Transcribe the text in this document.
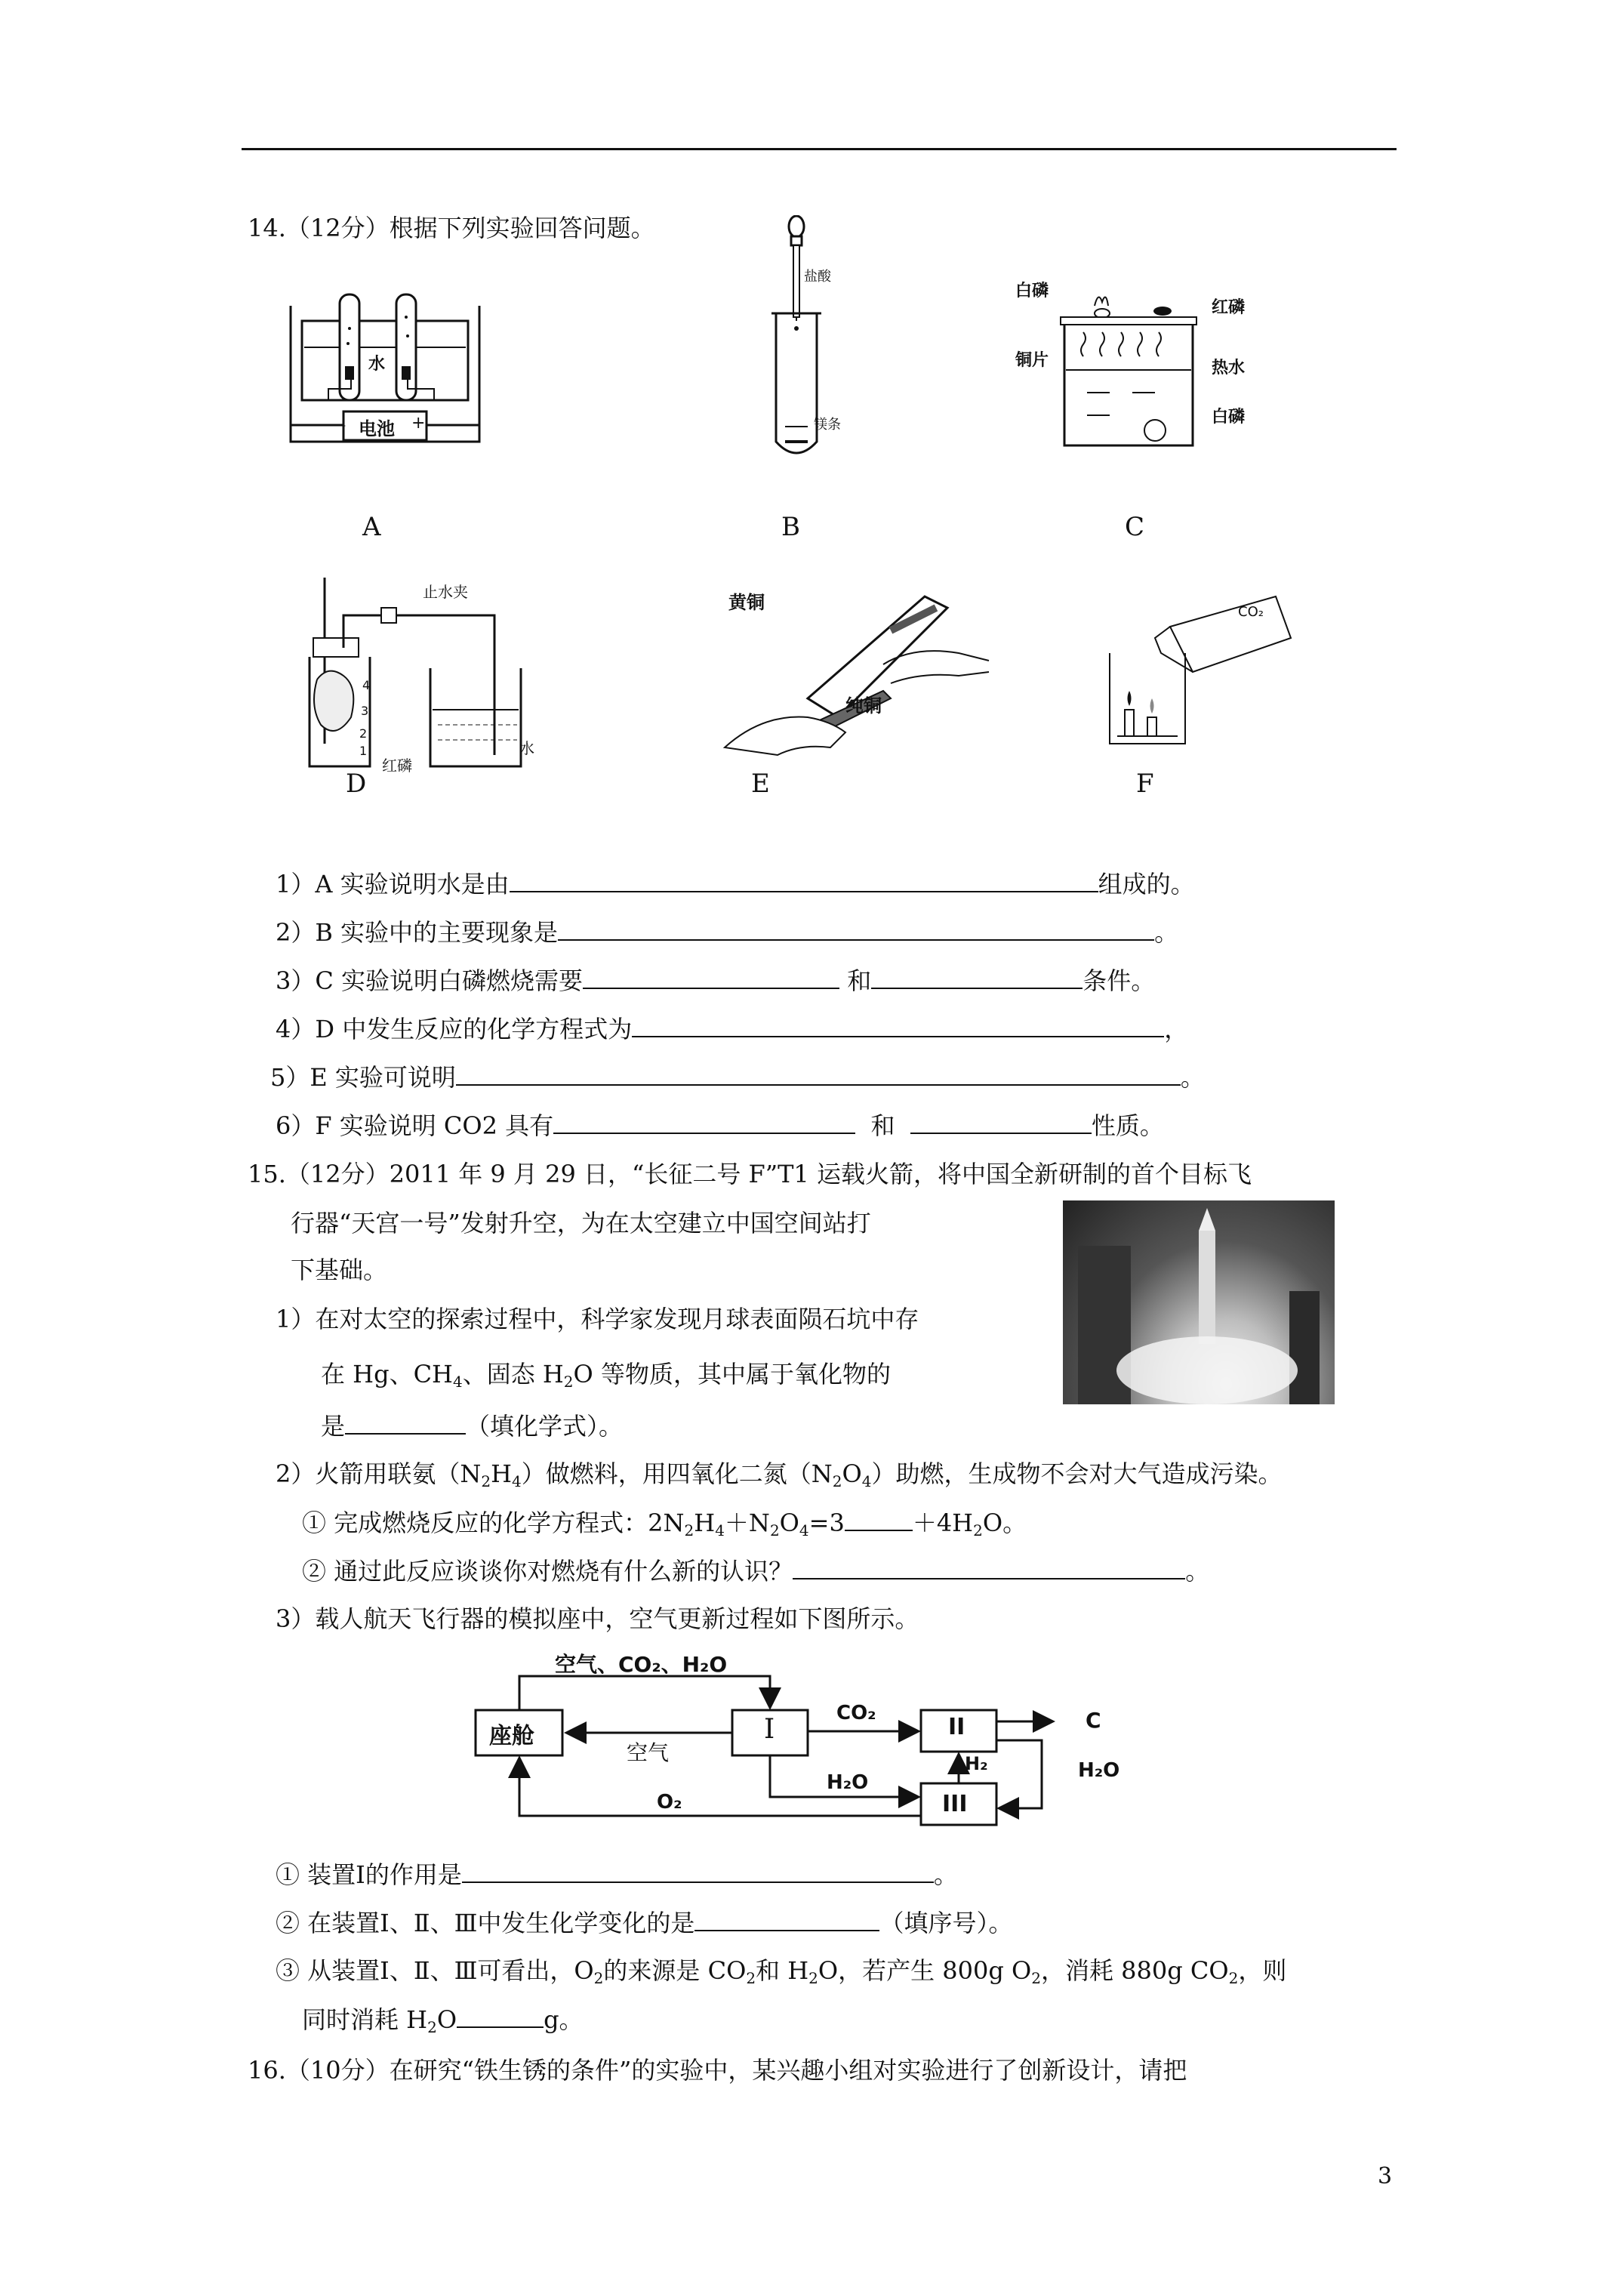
14.（12分）根据下列实验回答问题。
水
电池
－	+
A
盐酸
镁条
B
白磷
红磷
铜片	热水
白磷
C
止水夹
4
3
2
1
红磷
水
D
黄铜
纯铜
E
CO₂
F
1）A 实验说明水是由	组成的。
2）B 实验中的主要现象是	。
3）C 实验说明白磷燃烧需要	和	条件。
4）D 中发生反应的化学方程式为	，
5）E 实验可说明	。
6）F 实验说明 CO2 具有	和	性质。
15.（12分）2011 年 9 月 29 日，“长征二号 F”T1 运载火箭，将中国全新研制的首个目标飞
行器“天宫一号”发射升空，为在太空建立中国空间站打
下基础。
1）在对太空的探索过程中，科学家发现月球表面陨石坑中存
在 Hg、$CH_4$、固态 $H_2O$ 等物质，其中属于氧化物的
是	（填化学式）。
2）火箭用联氨$(N_2H_4)$做燃料，用四氧化二氮$(N_2O_4)$助燃，生成物不会对大气造成污染。
① 完成燃烧反应的化学方程式：$2N_2H_4+N_2O_4=3$	$+4H_2O$。
② 通过此反应谈谈你对燃烧有什么新的认识？	。
3）载人航天飞行器的模拟座中，空气更新过程如下图所示。
空气、CO₂、H₂O
座舱	I	II
III
空气
CO₂
H₂O
H₂
O₂
C
H₂O
① 装置Ⅰ的作用是	。
② 在装置Ⅰ、Ⅱ、Ⅲ中发生化学变化的是	（填序号）。
③ 从装置Ⅰ、Ⅱ、Ⅲ可看出，$O_2$的来源是 $CO_2$和 $H_2O$，若产生 800g $O_2$，消耗 880g $CO_2$，则
同时消耗 $H_2O$	g。
16.（10分）在研究“铁生锈的条件”的实验中，某兴趣小组对实验进行了创新设计，请把
3
